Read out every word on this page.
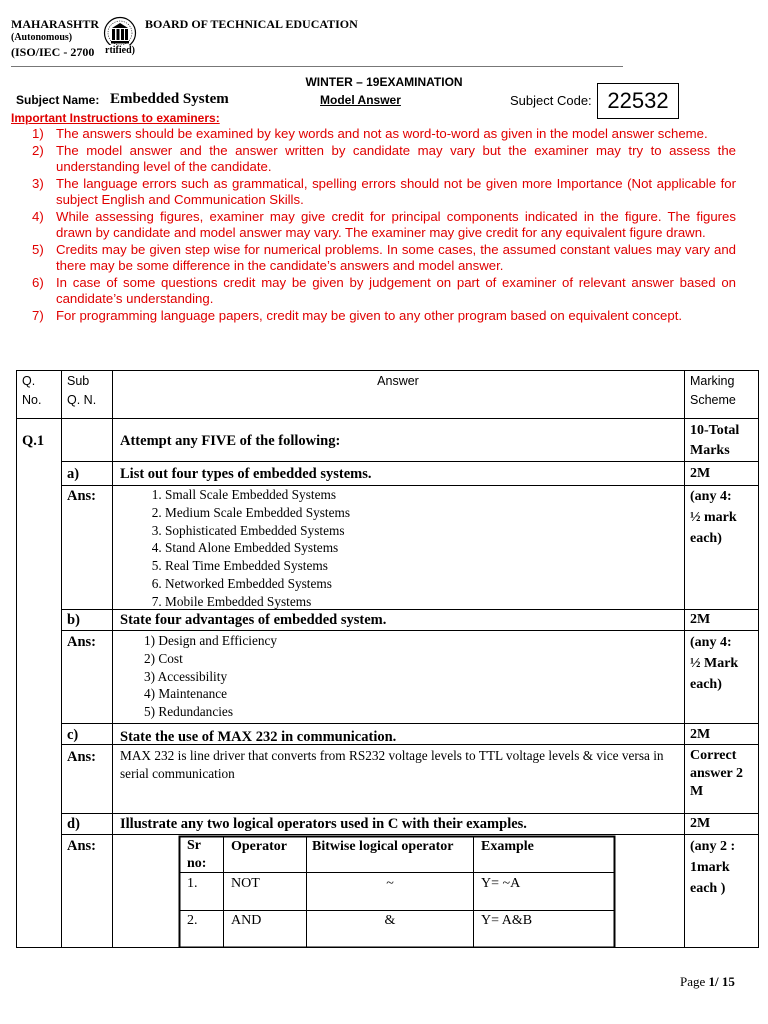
MAHARASHTR
(Autonomous)
(ISO/IEC - 2700
BOARD OF TECHNICAL EDUCATION
rtified)
WINTER – 19EXAMINATION
Subject Name: Embedded System	Model Answer	Subject Code: 22532
Important Instructions to examiners:
1) The answers should be examined by key words and not as word-to-word as given in the model answer scheme.
2) The model answer and the answer written by candidate may vary but the examiner may try to assess the understanding level of the candidate.
3) The language errors such as grammatical, spelling errors should not be given more Importance (Not applicable for subject English and Communication Skills.
4) While assessing figures, examiner may give credit for principal components indicated in the figure. The figures drawn by candidate and model answer may vary. The examiner may give credit for any equivalent figure drawn.
5) Credits may be given step wise for numerical problems. In some cases, the assumed constant values may vary and there may be some difference in the candidate’s answers and model answer.
6) In case of some questions credit may be given by judgement on part of examiner of relevant answer based on candidate’s understanding.
7) For programming language papers, credit may be given to any other program based on equivalent concept.
Q.
No.
Sub
Q. N.
Answer	Marking
Scheme
Q.1	Attempt any FIVE of the following:
10-Total
Marks
a)	List out four types of embedded systems.	2M
Ans:
1.	Small Scale Embedded Systems
2. Medium Scale Embedded Systems
3. Sophisticated Embedded Systems
4. Stand Alone Embedded Systems
5. Real Time Embedded Systems
6. Networked Embedded Systems
7. Mobile Embedded Systems
(any 4:
½ mark
each)
b)	State four advantages of embedded system.	2M
Ans:	1) Design and Efficiency
2) Cost
3) Accessibility
4) Maintenance
5) Redundancies
(any 4:
½ Mark
each)
c)	State the use of MAX 232 in communication.	2M
Ans: MAX 232 is line driver that converts from RS232 voltage levels to TTL voltage levels & vice versa in serial communication
Correct
answer 2
M
d)	Illustrate any two logical operators used in C with their examples.	2M
Ans:	(any 2 :
1mark
each )
Sr
no:
Operator Bitwise logical operator Example
1. NOT	~	Y= ~A
2. AND	&	Y= A&B
Page 1/ 15
